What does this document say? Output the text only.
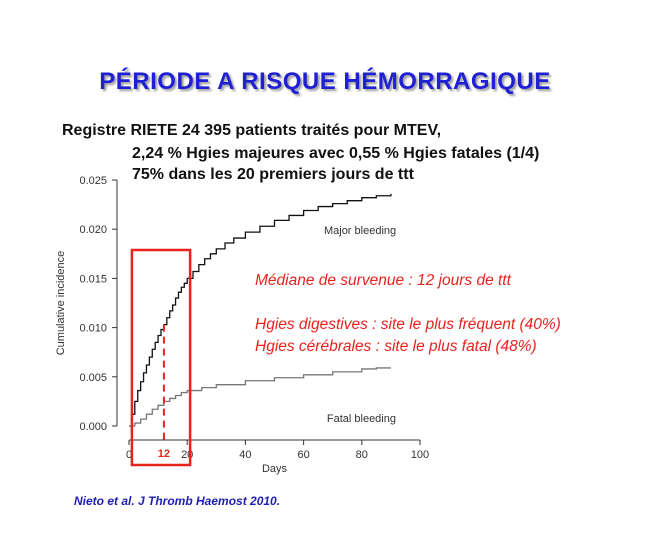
PÉRIODE A RISQUE HÉMORRAGIQUE
Registre RIETE 24 395 patients traités pour MTEV,
2,24 % Hgies majeures avec 0,55 % Hgies fatales (1/4)
75% dans les 20 premiers jours de ttt
0.000
0.005
0.010
0.015
0.020
0.025
0	20	40	60	80	100
Cumulative incidence
Days
Major bleeding
Fatal bleeding
12
Médiane de survenue : 12 jours de ttt
Hgies digestives : site le plus fréquent (40%)
Hgies cérébrales : site le plus fatal (48%)
Nieto et al. J Thromb Haemost 2010.
